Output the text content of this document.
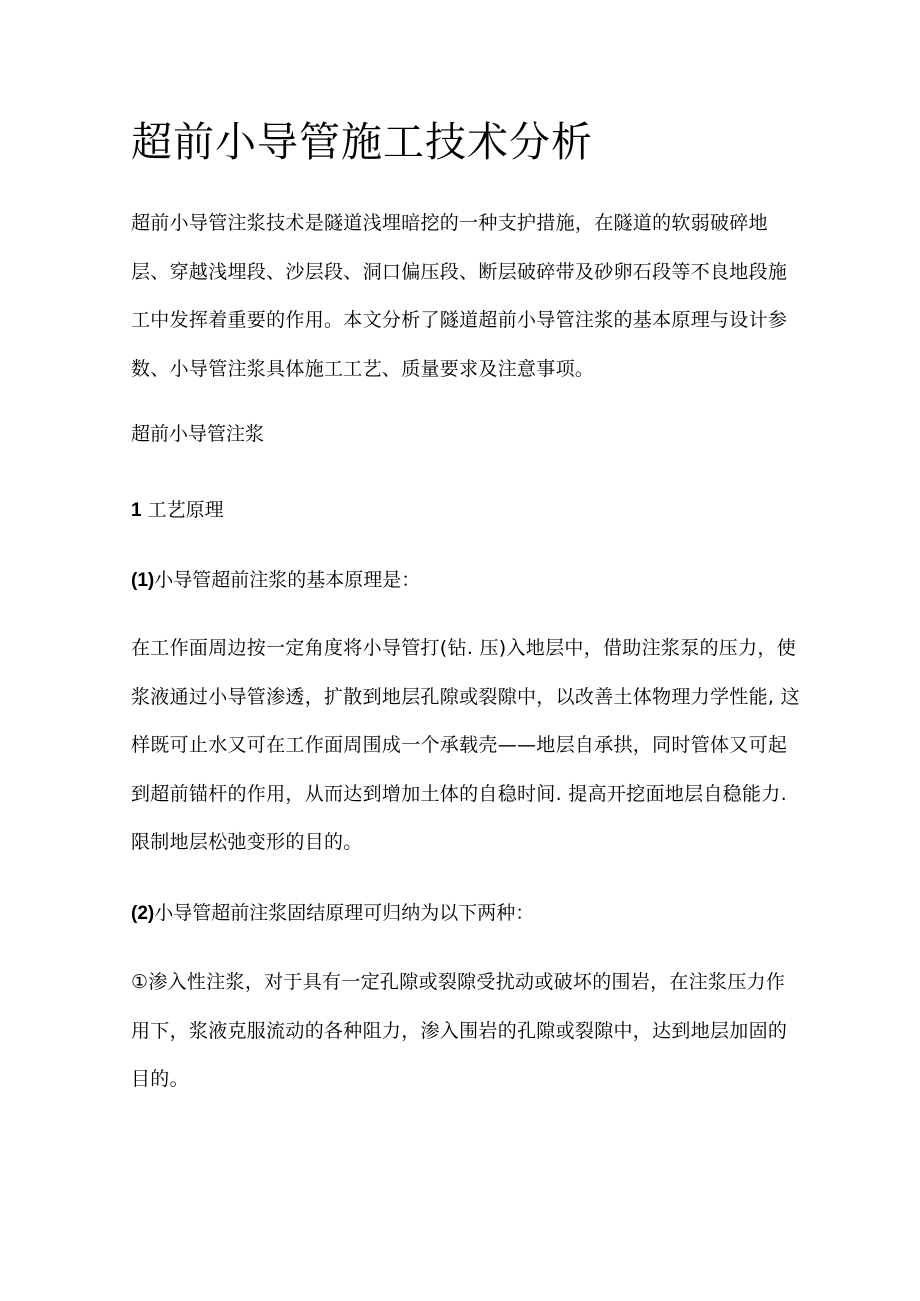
超前小导管施工技术分析

超前小导管注浆技术是隧道浅埋暗挖的一种支护措施，在隧道的软弱破碎地层、穿越浅埋段、沙层段、洞口偏压段、断层破碎带及砂卵石段等不良地段施工中发挥着重要的作用。本文分析了隧道超前小导管注浆的基本原理与设计参数、小导管注浆具体施工工艺、质量要求及注意事项。

超前小导管注浆

1 工艺原理

(1)小导管超前注浆的基本原理是：

在工作面周边按一定角度将小导管打(钻. 压)入地层中，借助注浆泵的压力，使浆液通过小导管渗透，扩散到地层孔隙或裂隙中，以改善土体物理力学性能, 这样既可止水又可在工作面周围成一个承载壳——地层自承拱，同时管体又可起到超前锚杆的作用，从而达到增加土体的自稳时间. 提高开挖面地层自稳能力. 限制地层松弛变形的目的。

(2)小导管超前注浆固结原理可归纳为以下两种：

①渗入性注浆，对于具有一定孔隙或裂隙受扰动或破坏的围岩，在注浆压力作用下，浆液克服流动的各种阻力，渗入围岩的孔隙或裂隙中，达到地层加固的目的。
